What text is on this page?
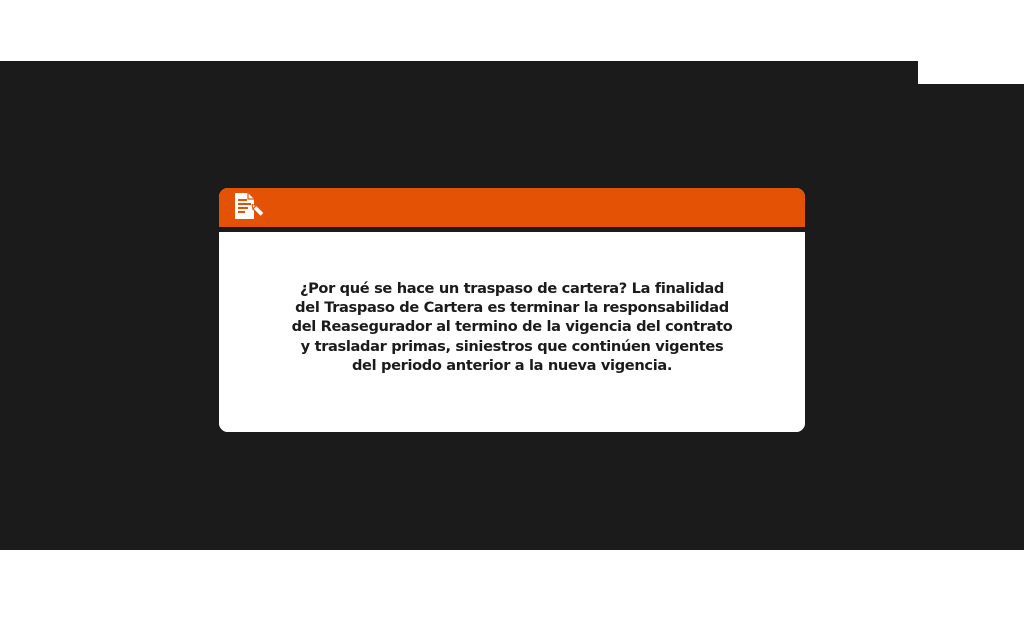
¿Por qué se hace un traspaso de cartera? La finalidad del Traspaso de Cartera es terminar la responsabilidad del Reasegurador al termino de la vigencia del contrato y trasladar primas, siniestros que continúen vigentes del periodo anterior a la nueva vigencia.
